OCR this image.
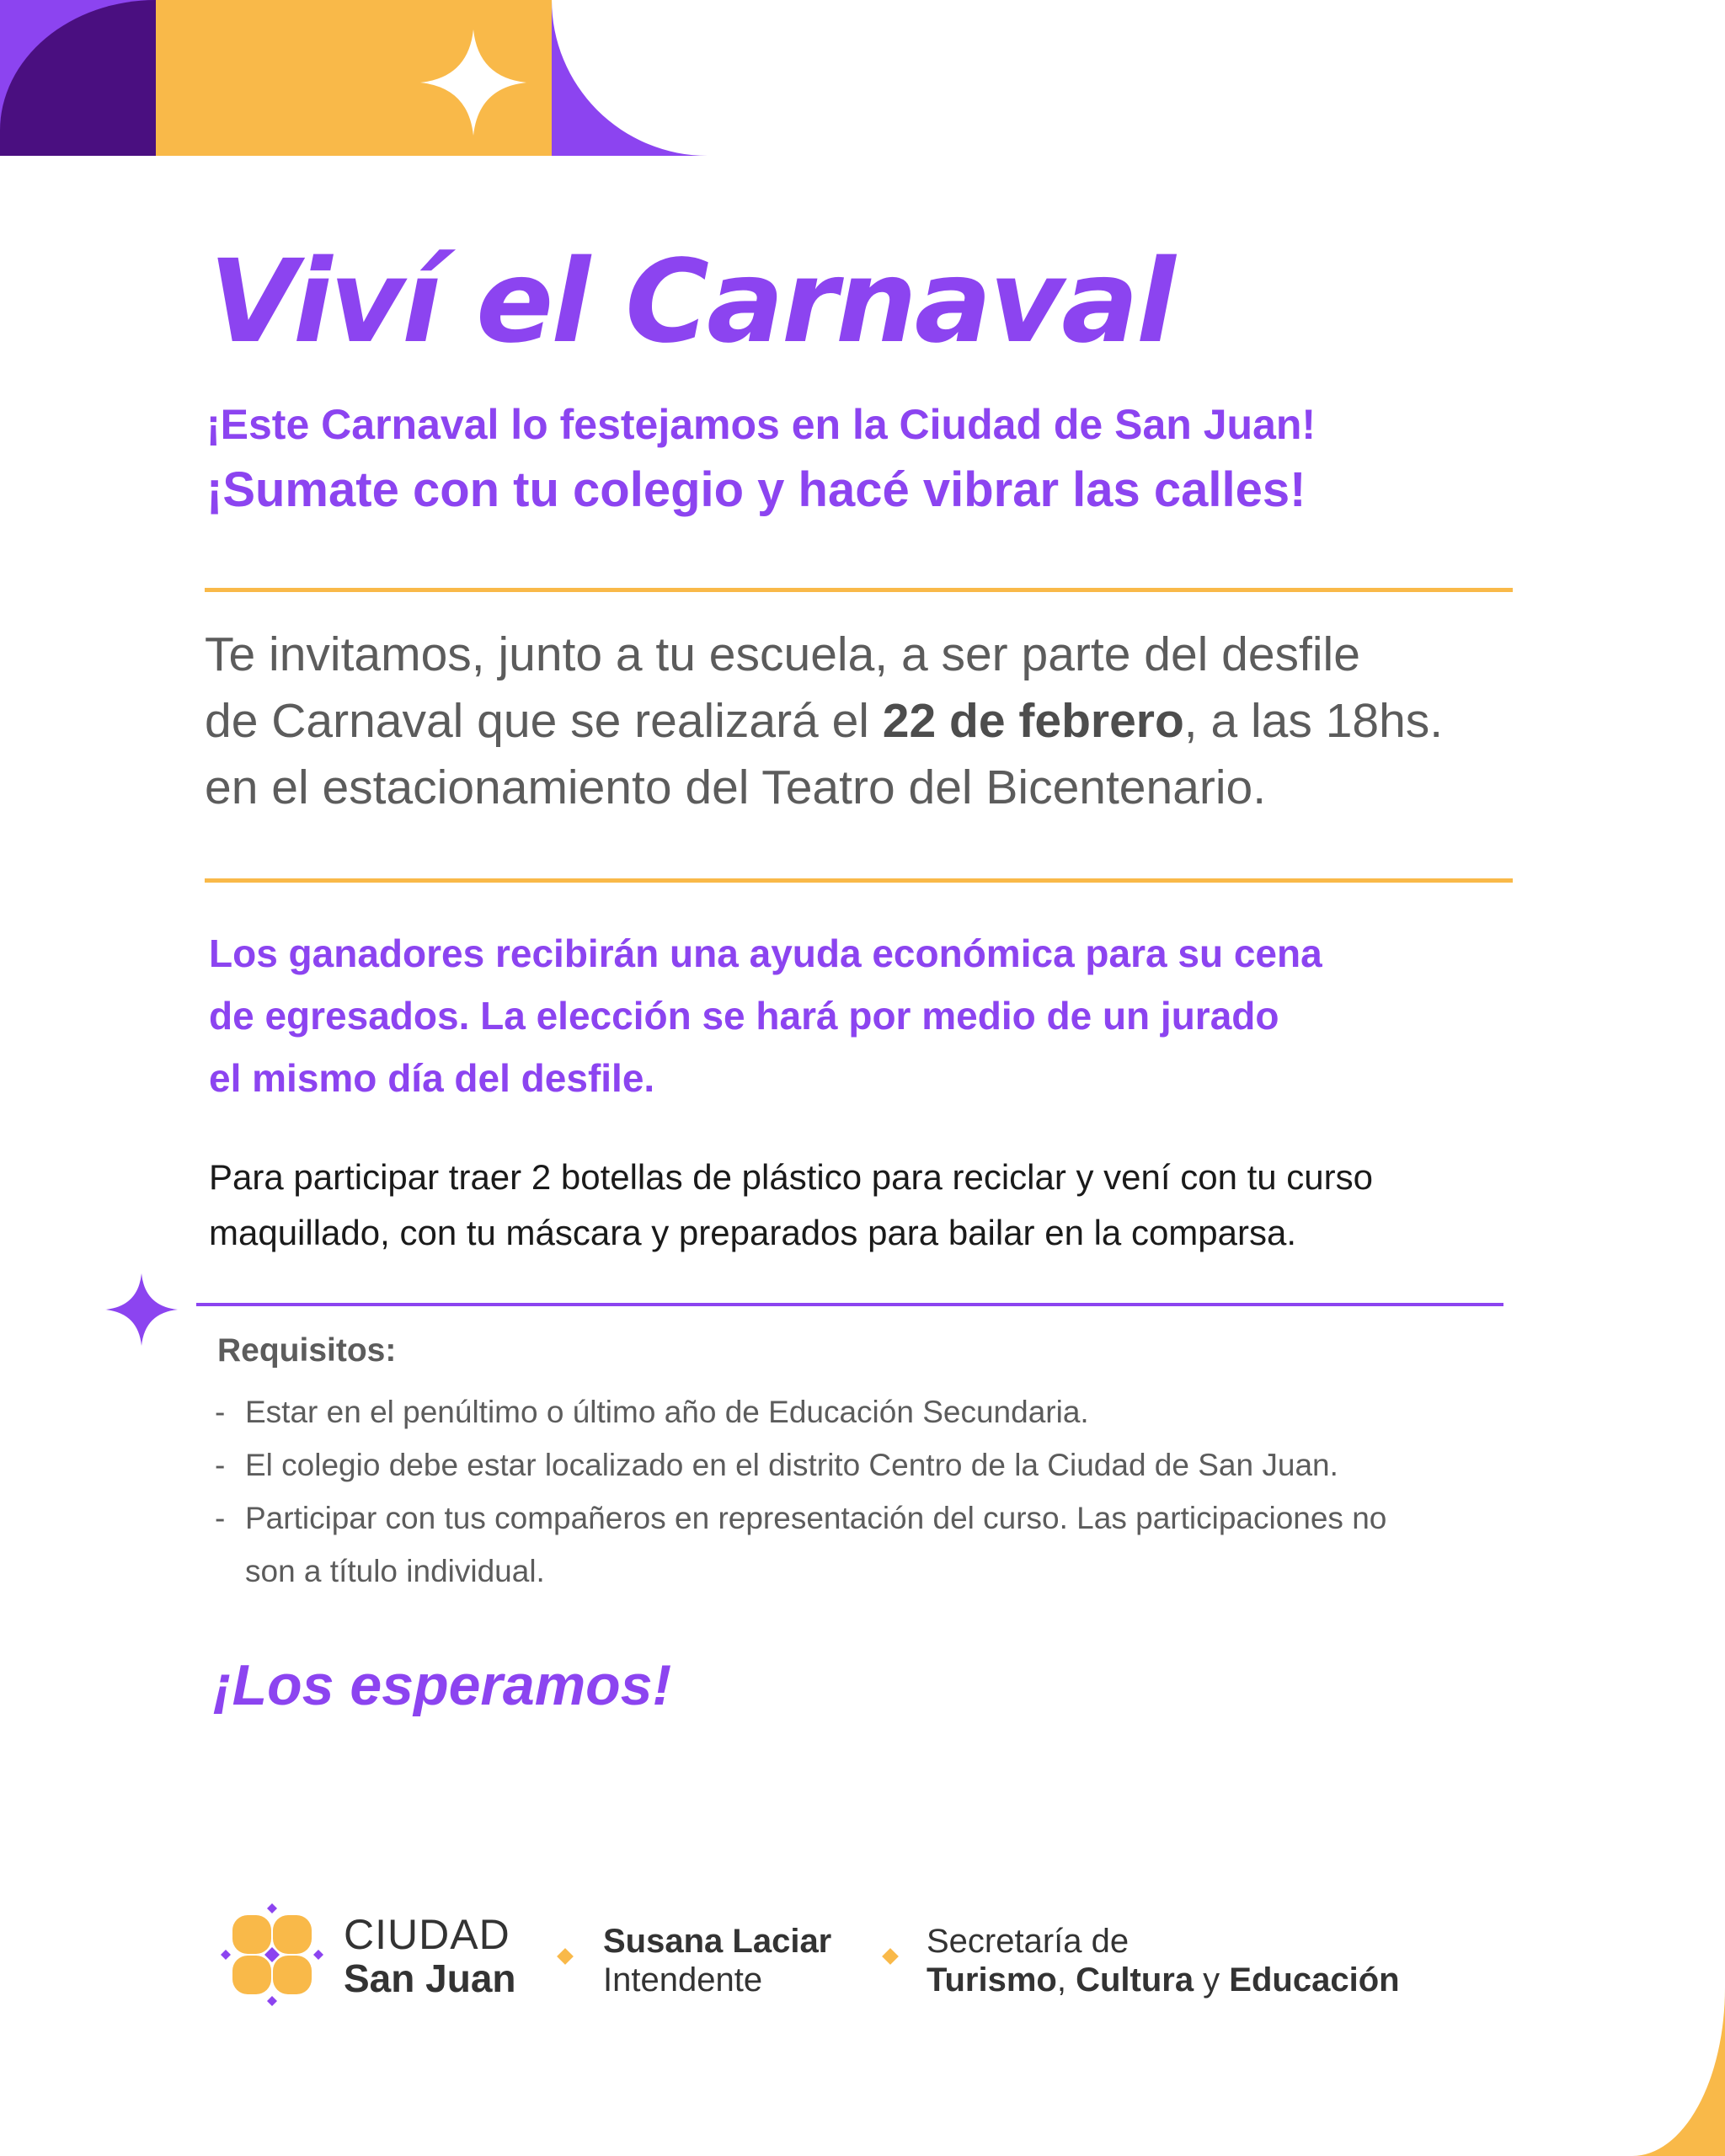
Viví el Carnaval

¡Este Carnaval lo festejamos en la Ciudad de San Juan!

¡Sumate con tu colegio y hacé vibrar las calles!

Te invitamos, junto a tu escuela, a ser parte del desfile
de Carnaval que se realizará el 22 de febrero, a las 18hs.
en el estacionamiento del Teatro del Bicentenario.

Los ganadores recibirán una ayuda económica para su cena
de egresados. La elección se hará por medio de un jurado
el mismo día del desfile.

Para participar traer 2 botellas de plástico para reciclar y vení con tu curso
maquillado, con tu máscara y preparados para bailar en la comparsa.

Requisitos:
- Estar en el penúltimo o último año de Educación Secundaria.
- El colegio debe estar localizado en el distrito Centro de la Ciudad de San Juan.
- Participar con tus compañeros en representación del curso. Las participaciones no
son a título individual.

¡Los esperamos!

CIUDAD
San Juan
Susana Laciar
Intendente
Secretaría de
Turismo, Cultura y Educación
